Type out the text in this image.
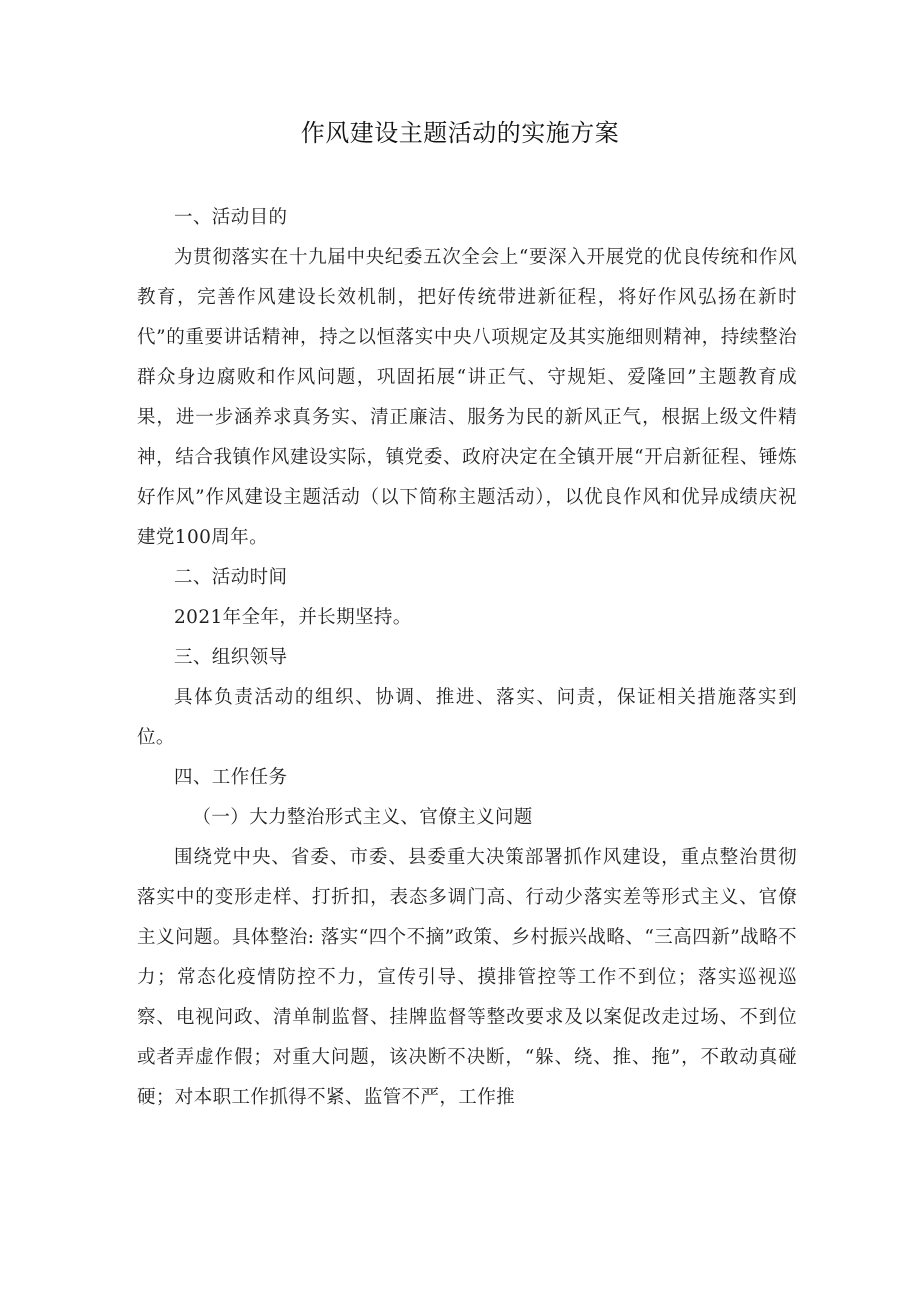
作风建设主题活动的实施方案

一、活动目的

为贯彻落实在十九届中央纪委五次全会上“要深入开展党的优良传统和作风教育，完善作风建设长效机制，把好传统带进新征程，将好作风弘扬在新时代”的重要讲话精神，持之以恒落实中央八项规定及其实施细则精神，持续整治群众身边腐败和作风问题，巩固拓展“讲正气、守规矩、爱隆回”主题教育成果，进一步涵养求真务实、清正廉洁、服务为民的新风正气，根据上级文件精神，结合我镇作风建设实际，镇党委、政府决定在全镇开展“开启新征程、锤炼好作风”作风建设主题活动（以下简称主题活动），以优良作风和优异成绩庆祝建党100周年。

二、活动时间

2021年全年，并长期坚持。

三、组织领导

具体负责活动的组织、协调、推进、落实、问责，保证相关措施落实到位。

四、工作任务

（一）大力整治形式主义、官僚主义问题

围绕党中央、省委、市委、县委重大决策部署抓作风建设，重点整治贯彻落实中的变形走样、打折扣，表态多调门高、行动少落实差等形式主义、官僚主义问题。具体整治: 落实“四个不摘”政策、乡村振兴战略、“三高四新”战略不力；常态化疫情防控不力，宣传引导、摸排管控等工作不到位；落实巡视巡察、电视问政、清单制监督、挂牌监督等整改要求及以案促改走过场、不到位或者弄虚作假；对重大问题，该决断不决断，“躲、绕、推、拖”，不敢动真碰硬；对本职工作抓得不紧、监管不严，工作推
